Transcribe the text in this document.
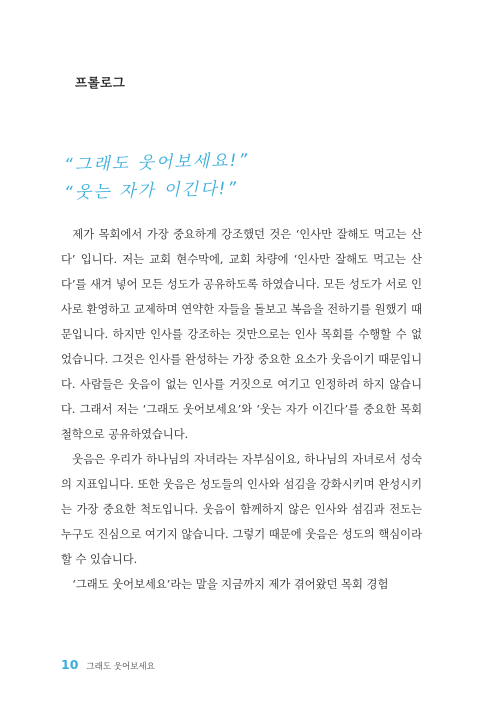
프롤로그
“그래도 웃어보세요!”
“웃는 자가 이긴다!”

제가 목회에서 가장 중요하게 강조했던 것은 ‘인사만 잘해도 먹고는 산다’ 입니다. 저는 교회 현수막에, 교회 차량에 ‘인사만 잘해도 먹고는 산다’를 새겨 넣어 모든 성도가 공유하도록 하였습니다. 모든 성도가 서로 인사로 환영하고 교제하며 연약한 자들을 돌보고 복음을 전하기를 원했기 때문입니다. 하지만 인사를 강조하는 것만으로는 인사 목회를 수행할 수 없었습니다. 그것은 인사를 완성하는 가장 중요한 요소가 웃음이기 때문입니다. 사람들은 웃음이 없는 인사를 거짓으로 여기고 인정하려 하지 않습니다. 그래서 저는 ‘그래도 웃어보세요’와 ‘웃는 자가 이긴다’를 중요한 목회 철학으로 공유하였습니다.

웃음은 우리가 하나님의 자녀라는 자부심이요, 하나님의 자녀로서 성숙의 지표입니다. 또한 웃음은 성도들의 인사와 섬김을 강화시키며 완성시키는 가장 중요한 척도입니다. 웃음이 함께하지 않은 인사와 섬김과 전도는 누구도 진심으로 여기지 않습니다. 그렇기 때문에 웃음은 성도의 핵심이라 할 수 있습니다.

‘그래도 웃어보세요’라는 말을 지금까지 제가 겪어왔던 목회 경험

10 그래도 웃어보세요
